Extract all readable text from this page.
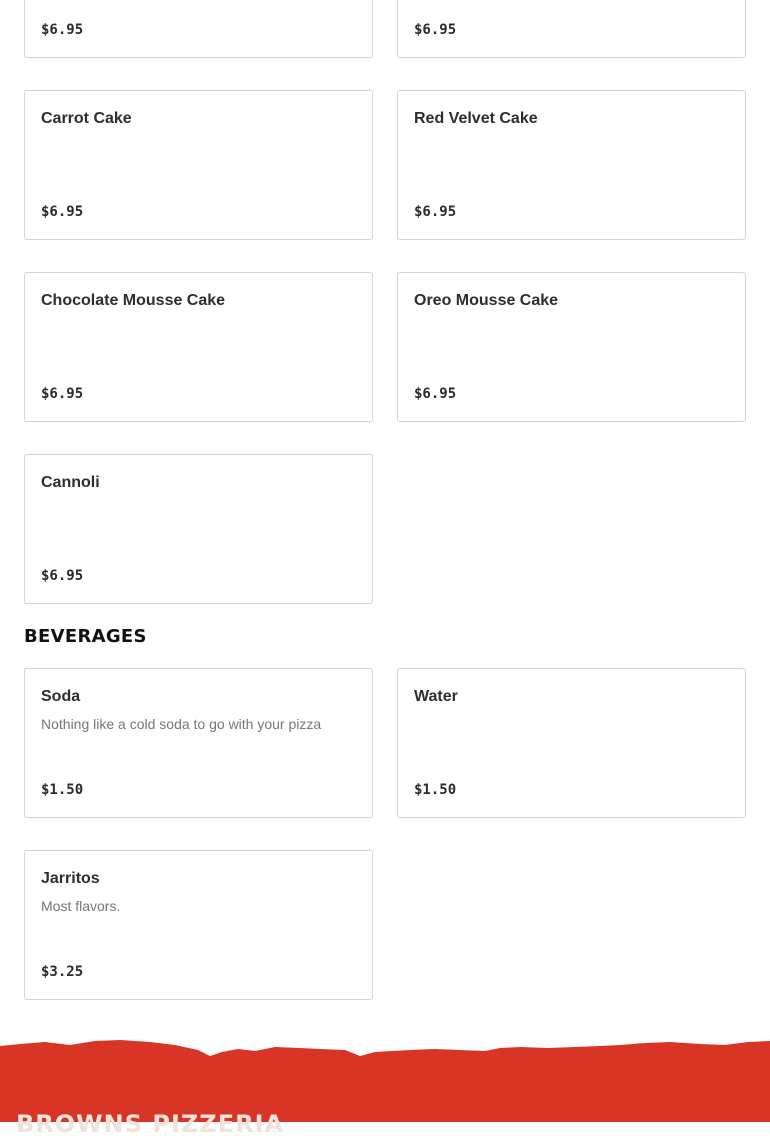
$6.95	$6.95
Carrot Cake
$6.95
Red Velvet Cake
$6.95
Chocolate Mousse Cake
$6.95
Oreo Mousse Cake
$6.95
Cannoli
$6.95
BEVERAGES
Soda
Nothing like a cold soda to go with your pizza
$1.50
Water
$1.50
Jarritos
Most flavors.
$3.25
BROWNS PIZZERIA
